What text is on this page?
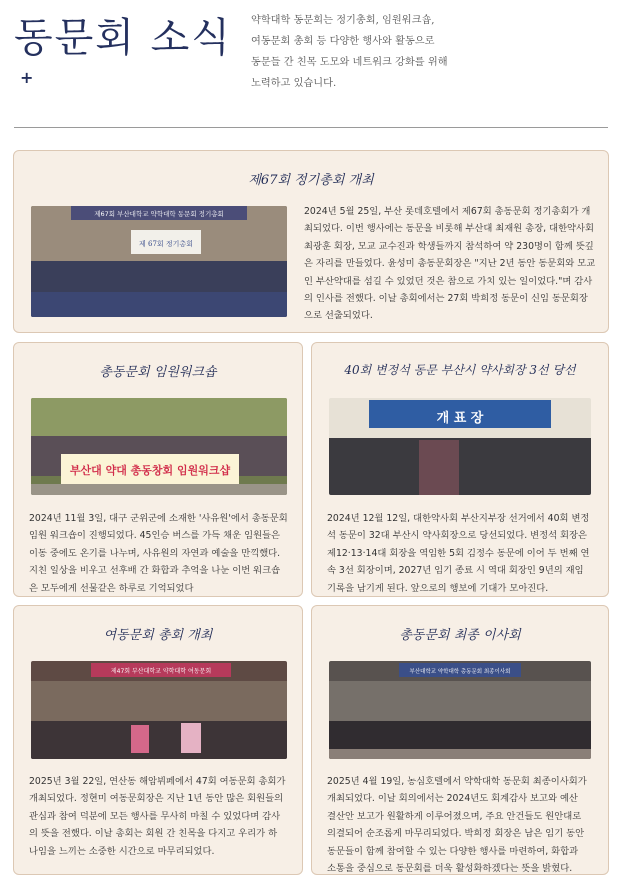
동문회 소식
+
약학대학 동문회는 정기총회, 임원워크숍,
여동문회 총회 등 다양한 행사와 활동으로
동문들 간 친목 도모와 네트워크 강화를 위해
노력하고 있습니다.
제67회 정기총회 개최
제67회 부산대학교 약학대학 동문회 정기총회
제 67회 정기총회
2024년 5월 25일, 부산 롯데호텔에서 제67회 총동문회 정기총회가 개
최되었다. 이번 행사에는 동문을 비롯해 부산대 최재원 총장, 대한약사회
최광훈 회장, 모교 교수진과 학생들까지 참석하여 약 230명이 함께 뜻깊
은 자리를 만들었다. 윤성미 총동문회장은 "지난 2년 동안 동문회와 모교
인 부산약대를 섬길 수 있었던 것은 참으로 가치 있는 일이었다."며 감사
의 인사를 전했다. 이날 총회에서는 27회 박희정 동문이 신임 동문회장
으로 선출되었다.
총동문회 임원워크숍
부산대 약대 총동창회 임원워크샵
2024년 11월 3일, 대구 군위군에 소재한 '사유원'에서 총동문회
임원 워크숍이 진행되었다. 45인승 버스를 가득 채운 임원들은
이동 중에도 온기를 나누며, 사유원의 자연과 예술을 만끽했다.
지친 일상을 비우고 선후배 간 화합과 추억을 나눈 이번 워크숍
은 모두에게 선물같은 하루로 기억되었다
40회 변정석 동문 부산시 약사회장 3선 당선
개 표 장
2024년 12월 12일, 대한약사회 부산지부장 선거에서 40회 변정
석 동문이 32대 부산시 약사회장으로 당선되었다. 변정석 회장은
제12·13·14대 회장을 역임한 5회 김정수 동문에 이어 두 번째 연
속 3선 회장이며, 2027년 임기 종료 시 역대 회장인 9년의 재임
기록을 남기게 된다. 앞으로의 행보에 기대가 모아진다.
여동문회 총회 개최
제47회 부산대학교 약학대학 여동문회
2025년 3월 22일, 연산동 해암뷔페에서 47회 여동문회 총회가
개최되었다. 정현미 여동문회장은 지난 1년 동안 많은 회원들의
관심과 참여 덕분에 모든 행사를 무사히 마칠 수 있었다며 감사
의 뜻을 전했다. 이날 총회는 회원 간 친목을 다지고 우리가 하
나임을 느끼는 소중한 시간으로 마무리되었다.
총동문회 최종 이사회
부산대학교 약학대학 총동문회 최종이사회
2025년 4월 19일, 농심호텔에서 약학대학 동문회 최종이사회가
개최되었다. 이날 회의에서는 2024년도 회계감사 보고와 예산
결산안 보고가 원활하게 이루어졌으며, 주요 안건들도 원안대로
의결되어 순조롭게 마무리되었다. 박희정 회장은 남은 임기 동안
동문들이 함께 참여할 수 있는 다양한 행사를 마련하여, 화합과
소통을 중심으로 동문회를 더욱 활성화하겠다는 뜻을 밝혔다.
